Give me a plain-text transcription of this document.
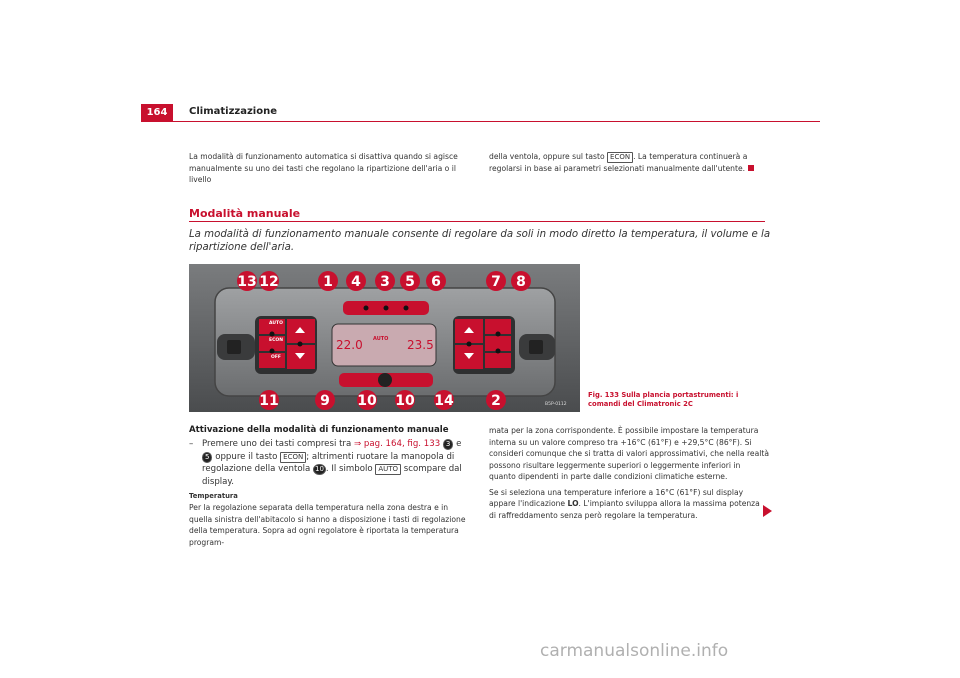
164	Climatizzazione
La modalità di funzionamento automatica si disattiva quando si agisce manualmente su uno dei tasti che regolano la ripartizione dell'aria o il livello
della ventola, oppure sul tasto ECON . La temperatura continuerà a regolarsi in base ai parametri selezionati manualmente dall'utente.
Modalità manuale
La modalità di funzionamento manuale consente di regolare da soli in modo diretto la temperatura, il volume e la ripartizione dell'aria.
13 12	1 4 3 5 6	7 8
11	9 10 10 14	2
AUTO
ECON
OFF
AUTO
22.0	23.5
B5P-0112
Fig. 133 Sulla plancia portastrumenti: i comandi del Climatronic 2C
Attivazione della modalità di funzionamento manuale
– Premere uno dei tasti compresi tra ⇒ pag. 164, fig. 133 3 e 5 oppure il tasto ECON ; altrimenti ruotare la manopola di regolazione della ventola 10 . Il simbolo AUTO scompare dal display.
Temperatura
Per la regolazione separata della temperatura nella zona destra e in quella sinistra dell'abitacolo si hanno a disposizione i tasti di regolazione della temperatura. Sopra ad ogni regolatore è riportata la temperatura program-
mata per la zona corrispondente. È possibile impostare la temperatura interna su un valore compreso tra +16°C (61°F) e +29,5°C (86°F). Si consideri comunque che si tratta di valori approssimativi, che nella realtà possono risultare leggermente superiori o leggermente inferiori in quanto dipendenti in parte dalle condizioni climatiche esterne.
Se si seleziona una temperature inferiore a 16°C (61°F) sul display appare l'indicazione LO. L'impianto sviluppa allora la massima potenza di raffreddamento senza però regolare la temperatura.
carmanualsonline.info
